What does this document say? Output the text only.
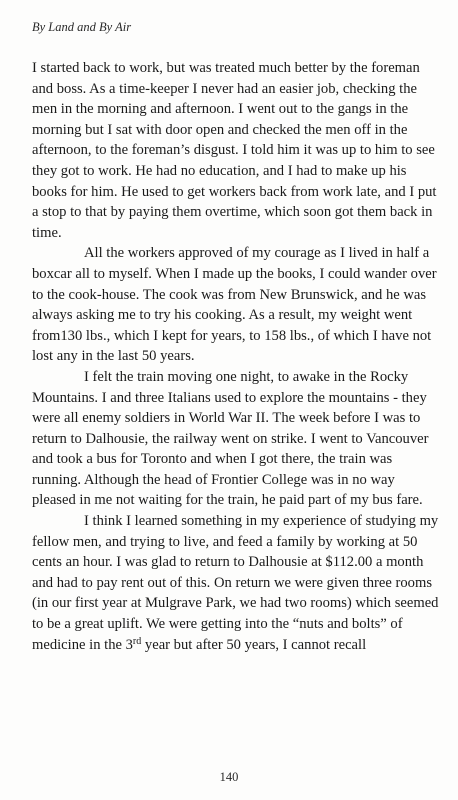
By Land and By Air

I started back to work, but was treated much better by the foreman and boss. As a time-keeper I never had an easier job, checking the men in the morning and afternoon. I went out to the gangs in the morning but I sat with door open and checked the men off in the afternoon, to the foreman’s disgust. I told him it was up to him to see they got to work. He had no education, and I had to make up his books for him. He used to get workers back from work late, and I put a stop to that by paying them overtime, which soon got them back in time.

All the workers approved of my courage as I lived in half a boxcar all to myself. When I made up the books, I could wander over to the cook-house. The cook was from New Brunswick, and he was always asking me to try his cooking. As a result, my weight went from130 lbs., which I kept for years, to 158 lbs., of which I have not lost any in the last 50 years.

I felt the train moving one night, to awake in the Rocky Mountains. I and three Italians used to explore the mountains - they were all enemy soldiers in World War II. The week before I was to return to Dalhousie, the railway went on strike. I went to Vancouver and took a bus for Toronto and when I got there, the train was running. Although the head of Frontier College was in no way pleased in me not waiting for the train, he paid part of my bus fare.

I think I learned something in my experience of studying my fellow men, and trying to live, and feed a family by working at 50 cents an hour. I was glad to return to Dalhousie at $112.00 a month and had to pay rent out of this. On return we were given three rooms (in our first year at Mulgrave Park, we had two rooms) which seemed to be a great uplift. We were getting into the “nuts and bolts” of medicine in the 3rd year but after 50 years, I cannot recall

140
